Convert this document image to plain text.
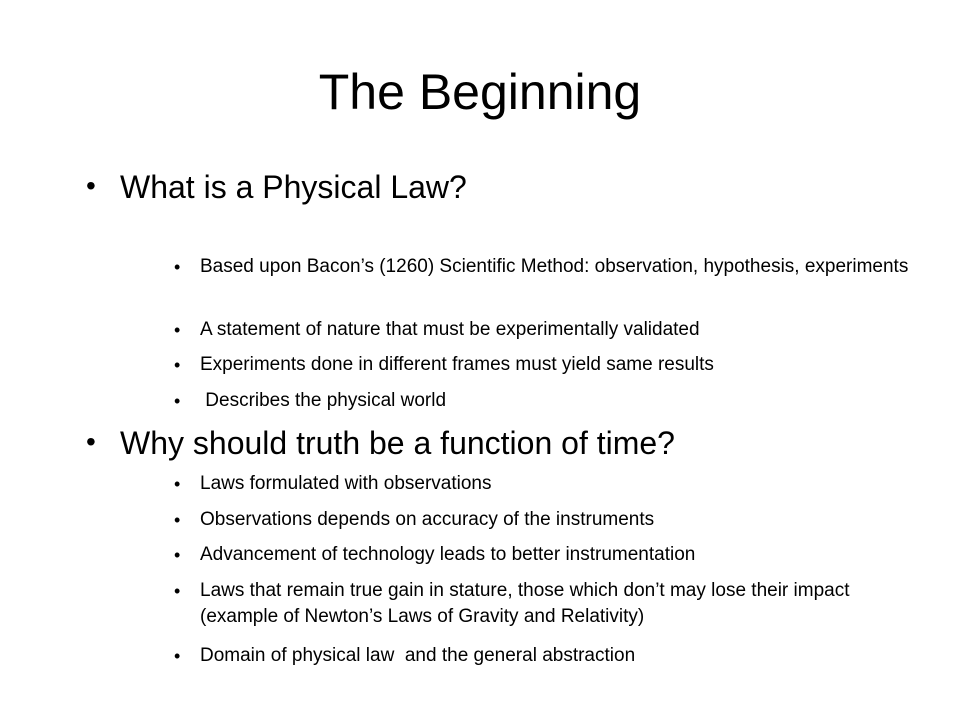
The Beginning
• What is a Physical Law?
•	Based upon Bacon’s (1260) Scientific Method: observation, hypothesis, experiments
•	A statement of nature that must be experimentally validated
•	Experiments done in different frames must yield same results
•	Describes the physical world
• Why should truth be a function of time?
•	Laws formulated with observations
•	Observations depends on accuracy of the instruments
•	Advancement of technology leads to better instrumentation
•	Laws that remain true gain in stature, those which don’t may lose their impact (example of Newton’s Laws of Gravity and Relativity)
•	Domain of physical law  and the general abstraction
